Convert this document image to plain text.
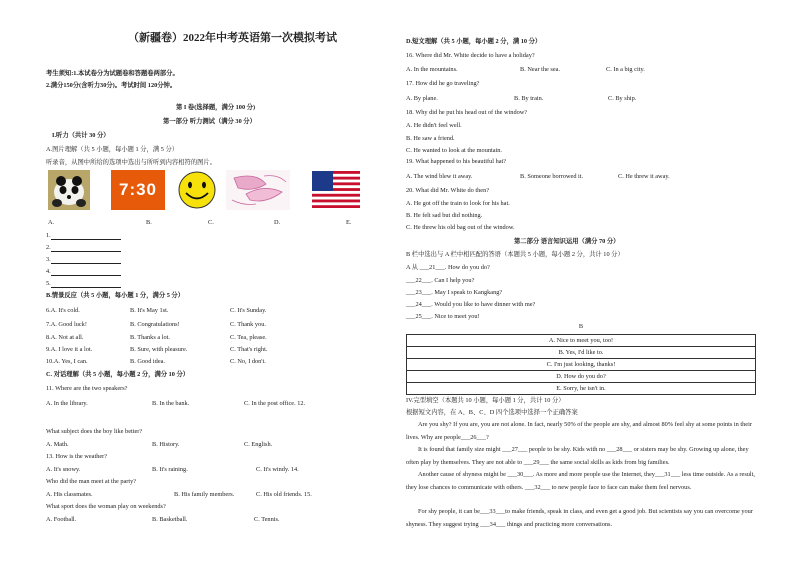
（新疆卷）2022年中考英语第一次模拟考试
考生须知:1.本试卷分为试题卷和答题卷两部分。
2.满分150分(含听力30分)。考试时间 120分钟。
第 I 卷(选择题，满分 100 分)
第一部分 听力测试（满分 30 分）
I.听力（共计 30 分）
A.图片理解（共 5 小题，每小题 1 分，满 5 分）
听录音，从图中所给的选项中选出与所听到内容相符的图片。
7:30
A.	B.	C.	D.	E.
1.
2.
3.
4.
5.
B.情景反应（共 5 小题，每小题 1 分，满分 5 分）
6.A. It's cold.	B. It's May 1st.	C. It's Sunday.
7.A. Good luck!	B. Congratulations!	C. Thank you.
8.A. Not at all.	B. Thanks a lot.	C. Tea, please.
9.A. I love it a lot.	B. Sure, with pleasure.	C. That's right.
10.A. Yes, I can.	B. Good idea.	C. No, I don't.
C. 对话理解（共 5 小题，每小题 2 分，满分 10 分）
11. Where are the two speakers?
A. In the library.	B. In the bank.	C. In the post office. 12.
What subject does the boy like better?
A. Math.	B. History.	C. English.
13. How is the weather?
A. It's snowy.	B. It's raining.	C. It's windy. 14.
Who did the man meet at the party?
A. His classmates.	B. His family members.	C. His old friends. 15.
What sport does the woman play on weekends?
A. Football.	B. Basketball.	C. Tennis.
D.短文理解（共 5 小题，每小题 2 分，满 10 分）
16. Where did Mr. White decide to have a holiday?
A. In the mountains.	B. Near the sea.	C. In a big city.
17. How did he go traveling?
A. By plane.	B. By train.	C. By ship.
18. Why did he put his head out of the window?
A. He didn't feel well.
B. He saw a friend.
C. He wanted to look at the mountain.
19. What happened to his beautiful hat?
A. The wind blew it away.	B. Someone borrowed it.	C. He threw it away.
20. What did Mr. White do then?
A. He got off the train to look for his hat.
B. He felt sad but did nothing.
C. He threw his old bag out of the window.
第二部分 语言知识运用（满分 70 分）
B 栏中选出与 A 栏中相匹配的答语（本题共 5 小题，每小题 2 分，共计 10 分）
A 从 ___21___. How do you do?
___22___. Can I help you?
___23___. May I speak to Kangkang?
___24___. Would you like to have dinner with me?
___25___. Nice to meet you!
B
A. Nice to meet you, too!
B. Yes, I'd like to.
C. I'm just looking, thanks!
D. How do you do?
E. Sorry, he isn't in.
IV.完型填空（本题共 10 小题，每小题 1 分，共计 10 分）
根据短文内容，在 A、B、C、D 四个选项中选择一个正确答案
Are you shy? If you are, you are not alone. In fact, nearly 50% of the people are shy, and almost 80% feel shy at some points in their lives. Why are people___26___?
It is found that family size might ___27___ people to be shy. Kids with no ___28___ or sisters may be shy. Growing up alone, they often play by themselves. They are not able to ___29___ the same social skills as kids from big families.
Another cause of shyness might be ___30___. As more and more people use the Internet, they___31___ less time outside. As a result, they lose chances to communicate with others. ___32___ to new people face to face can make them feel nervous.
For shy people, it can be___33___to make friends, speak in class, and even get a good job. But scientists say you can overcome your shyness. They suggest trying ___34___ things and practicing more conversations.
